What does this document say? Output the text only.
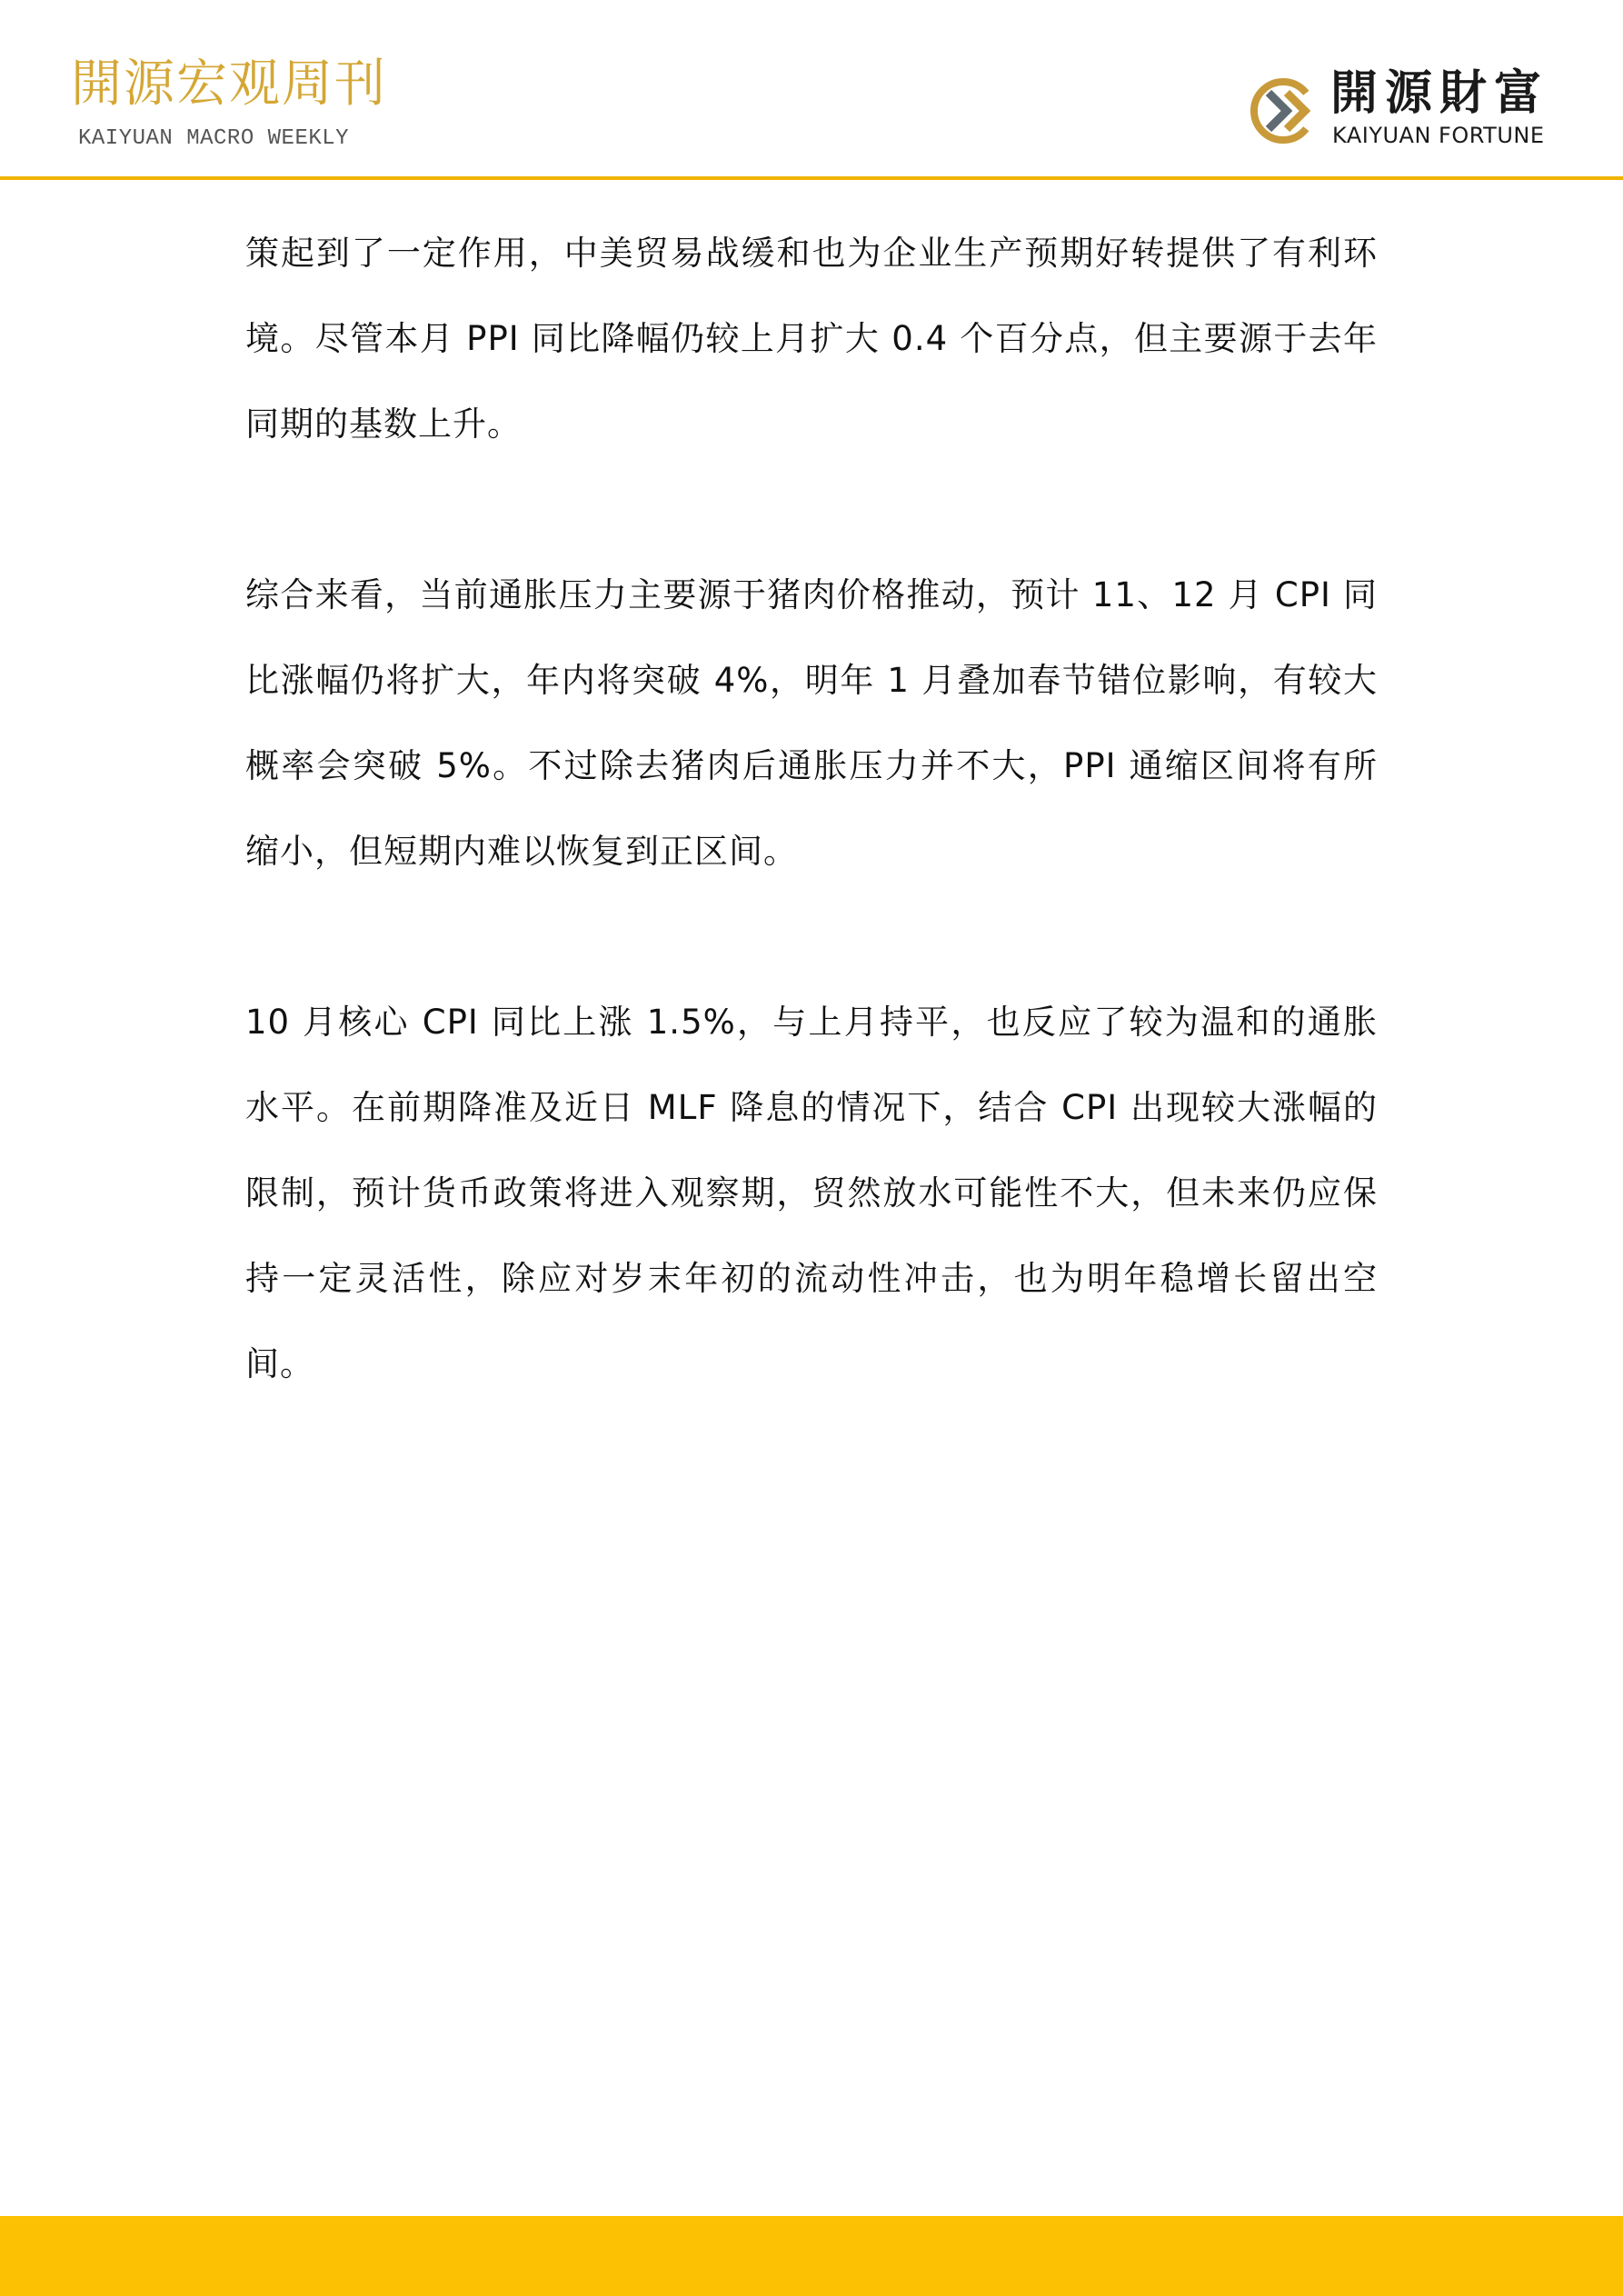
開源宏观周刊
KAIYUAN MACRO WEEKLY
開源財富
KAIYUAN FORTUNE

策起到了一定作用，中美贸易战缓和也为企业生产预期好转提供了有利环境。尽管本月 PPI 同比降幅仍较上月扩大 0.4 个百分点，但主要源于去年同期的基数上升。

综合来看，当前通胀压力主要源于猪肉价格推动，预计 11、12 月 CPI 同比涨幅仍将扩大，年内将突破 4%，明年 1 月叠加春节错位影响，有较大概率会突破 5%。不过除去猪肉后通胀压力并不大，PPI 通缩区间将有所缩小，但短期内难以恢复到正区间。

10 月核心 CPI 同比上涨 1.5%，与上月持平，也反应了较为温和的通胀水平。在前期降准及近日 MLF 降息的情况下，结合 CPI 出现较大涨幅的限制，预计货币政策将进入观察期，贸然放水可能性不大，但未来仍应保持一定灵活性，除应对岁末年初的流动性冲击，也为明年稳增长留出空间。
